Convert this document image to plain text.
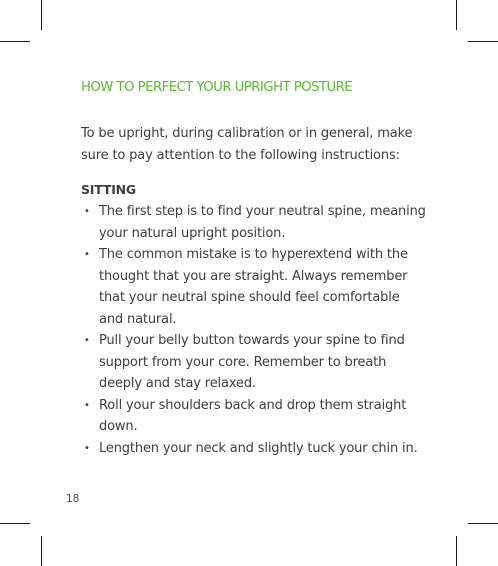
HOW TO PERFECT YOUR UPRIGHT POSTURE

To be upright, during calibration or in general, make sure to pay attention to the following instructions:

SITTING
• The first step is to find your neutral spine, meaning your natural upright position.
• The common mistake is to hyperextend with the thought that you are straight. Always remember that your neutral spine should feel comfortable and natural.
• Pull your belly button towards your spine to find support from your core. Remember to breath deeply and stay relaxed.
• Roll your shoulders back and drop them straight down.
• Lengthen your neck and slightly tuck your chin in.
18
